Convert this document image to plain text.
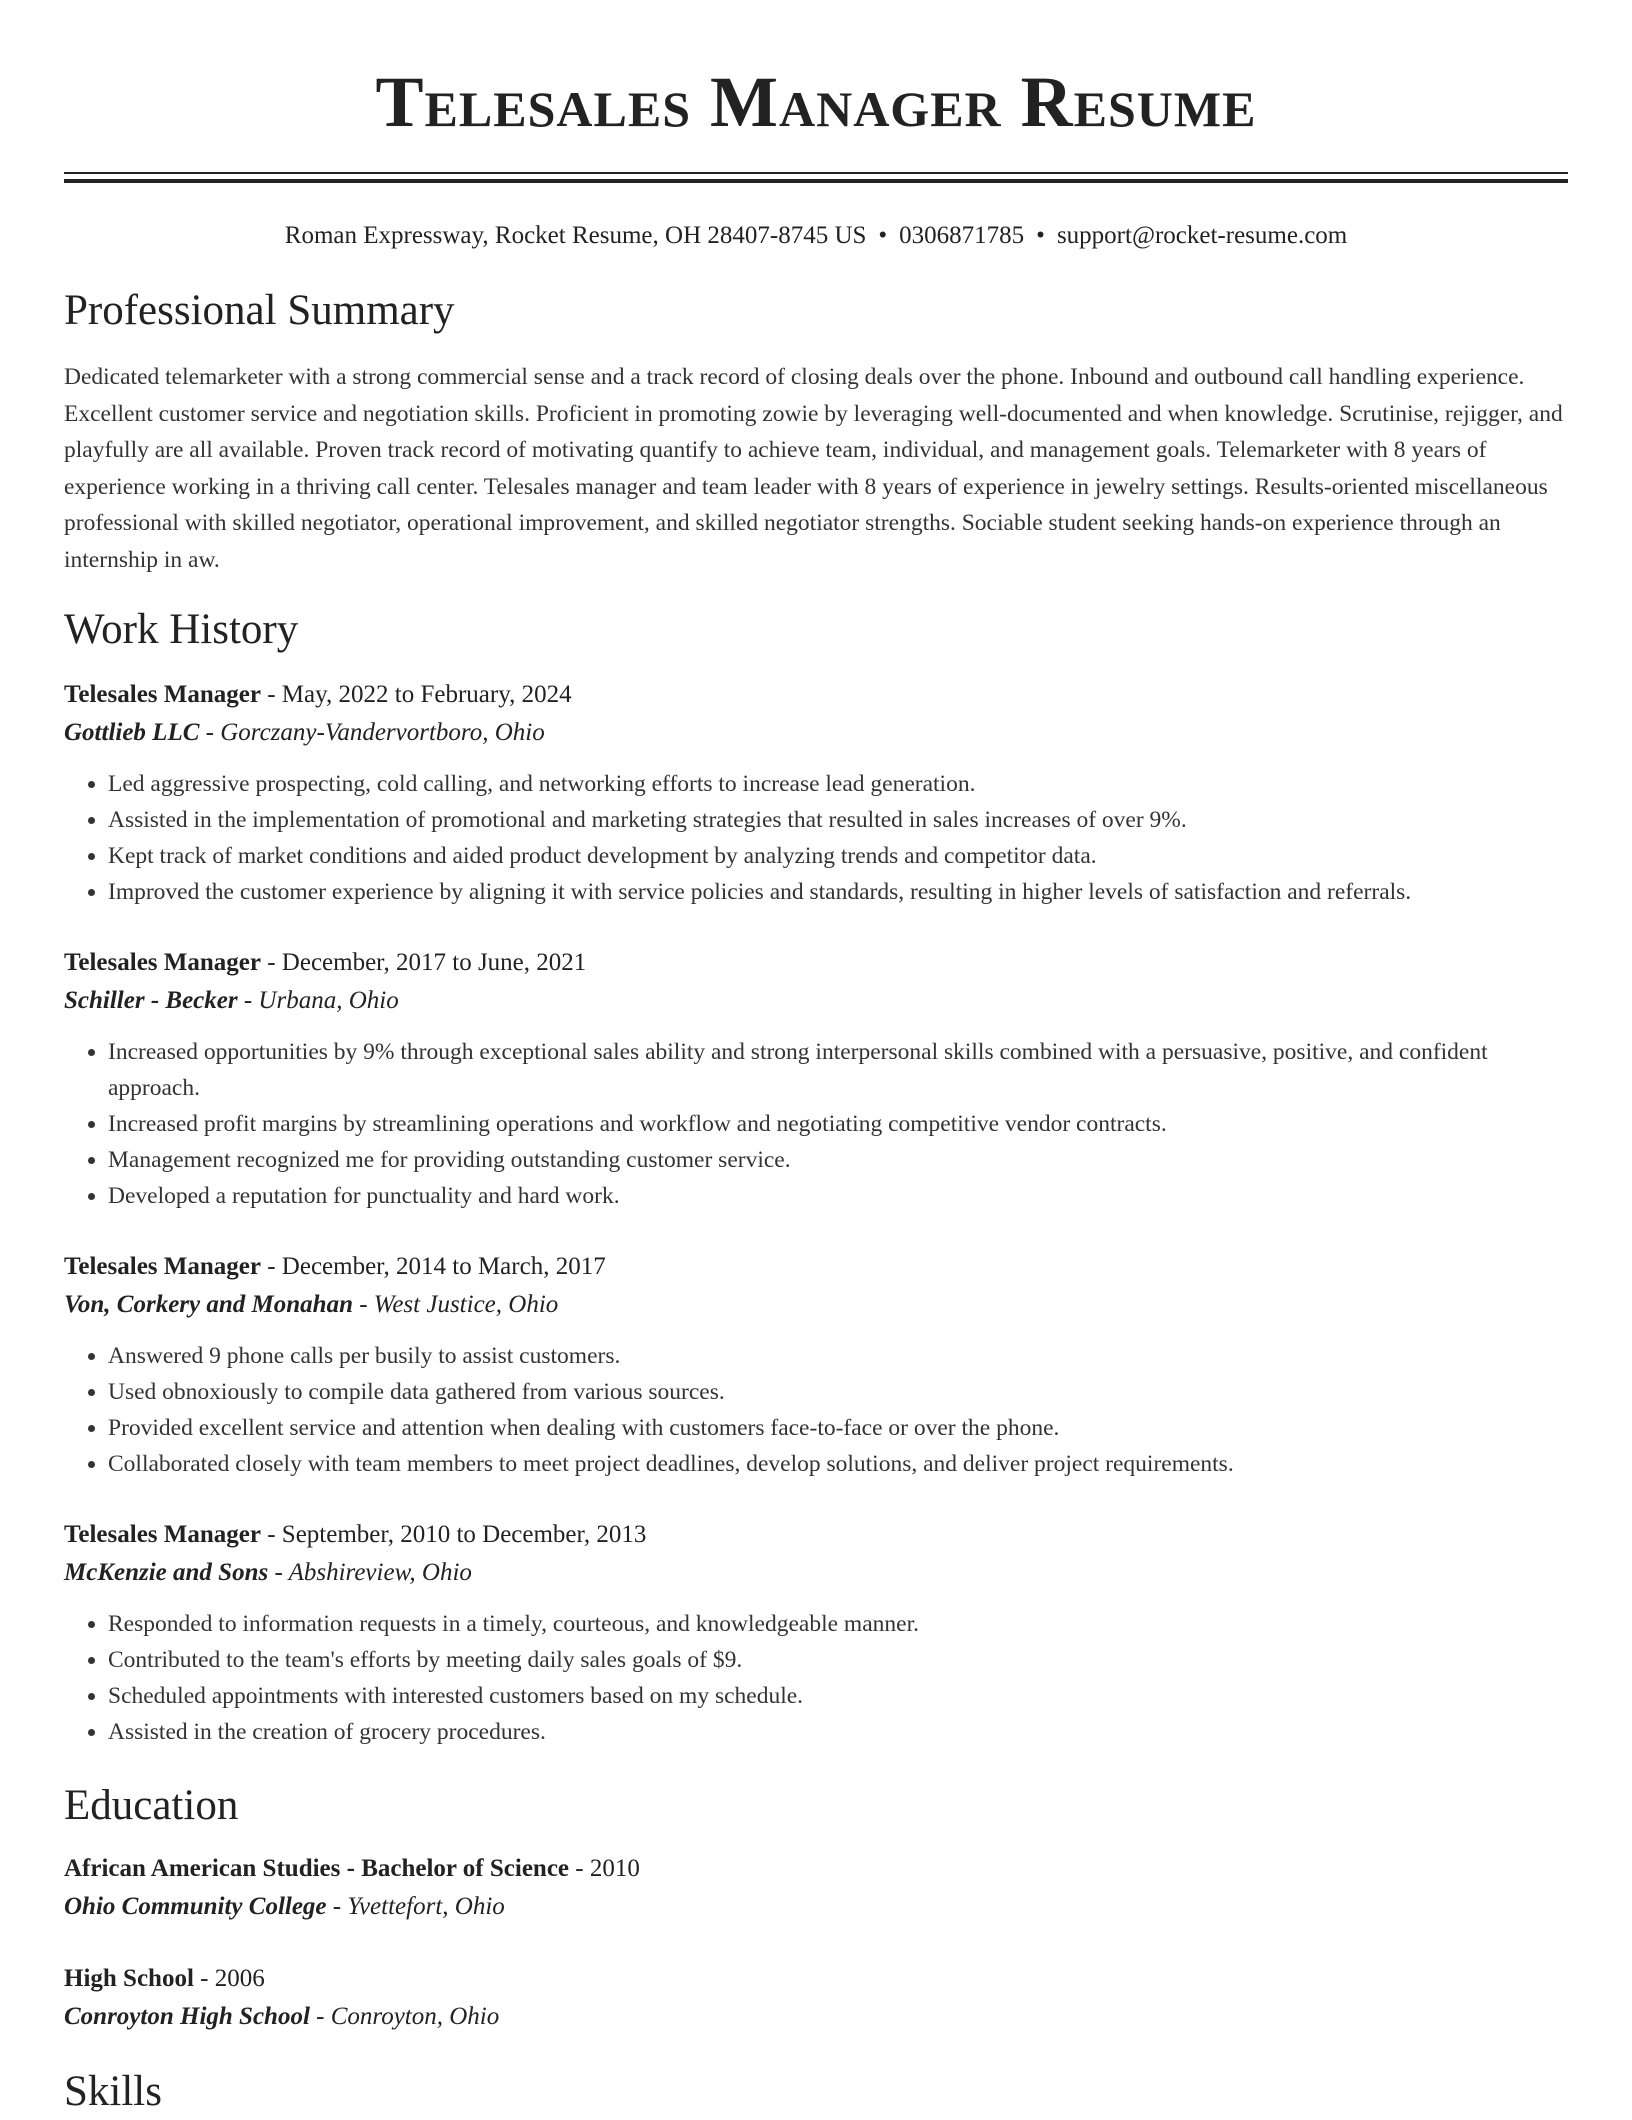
Telesales Manager Resume
Roman Expressway, Rocket Resume, OH 28407-8745 US • 0306871785 • support@rocket-resume.com
Professional Summary

Dedicated telemarketer with a strong commercial sense and a track record of closing deals over the phone. Inbound and outbound call handling experience. Excellent customer service and negotiation skills. Proficient in promoting zowie by leveraging well-documented and when knowledge. Scrutinise, rejigger, and playfully are all available. Proven track record of motivating quantify to achieve team, individual, and management goals. Telemarketer with 8 years of experience working in a thriving call center. Telesales manager and team leader with 8 years of experience in jewelry settings. Results-oriented miscellaneous professional with skilled negotiator, operational improvement, and skilled negotiator strengths. Sociable student seeking hands-on experience through an internship in aw.

Work History
Telesales Manager - May, 2022 to February, 2024
Gottlieb LLC - Gorczany-Vandervortboro, Ohio
• Led aggressive prospecting, cold calling, and networking efforts to increase lead generation.
• Assisted in the implementation of promotional and marketing strategies that resulted in sales increases of over 9%.
• Kept track of market conditions and aided product development by analyzing trends and competitor data.
• Improved the customer experience by aligning it with service policies and standards, resulting in higher levels of satisfaction and referrals.
Telesales Manager - December, 2017 to June, 2021
Schiller - Becker - Urbana, Ohio
• Increased opportunities by 9% through exceptional sales ability and strong interpersonal skills combined with a persuasive, positive, and confident approach.
• Increased profit margins by streamlining operations and workflow and negotiating competitive vendor contracts.
• Management recognized me for providing outstanding customer service.
• Developed a reputation for punctuality and hard work.
Telesales Manager - December, 2014 to March, 2017
Von, Corkery and Monahan - West Justice, Ohio
• Answered 9 phone calls per busily to assist customers.
• Used obnoxiously to compile data gathered from various sources.
• Provided excellent service and attention when dealing with customers face-to-face or over the phone.
• Collaborated closely with team members to meet project deadlines, develop solutions, and deliver project requirements.
Telesales Manager - September, 2010 to December, 2013
McKenzie and Sons - Abshireview, Ohio
• Responded to information requests in a timely, courteous, and knowledgeable manner.
• Contributed to the team's efforts by meeting daily sales goals of $9.
• Scheduled appointments with interested customers based on my schedule.
• Assisted in the creation of grocery procedures.
Education
African American Studies - Bachelor of Science - 2010
Ohio Community College - Yvettefort, Ohio
High School - 2006
Conroyton High School - Conroyton, Ohio
Skills
